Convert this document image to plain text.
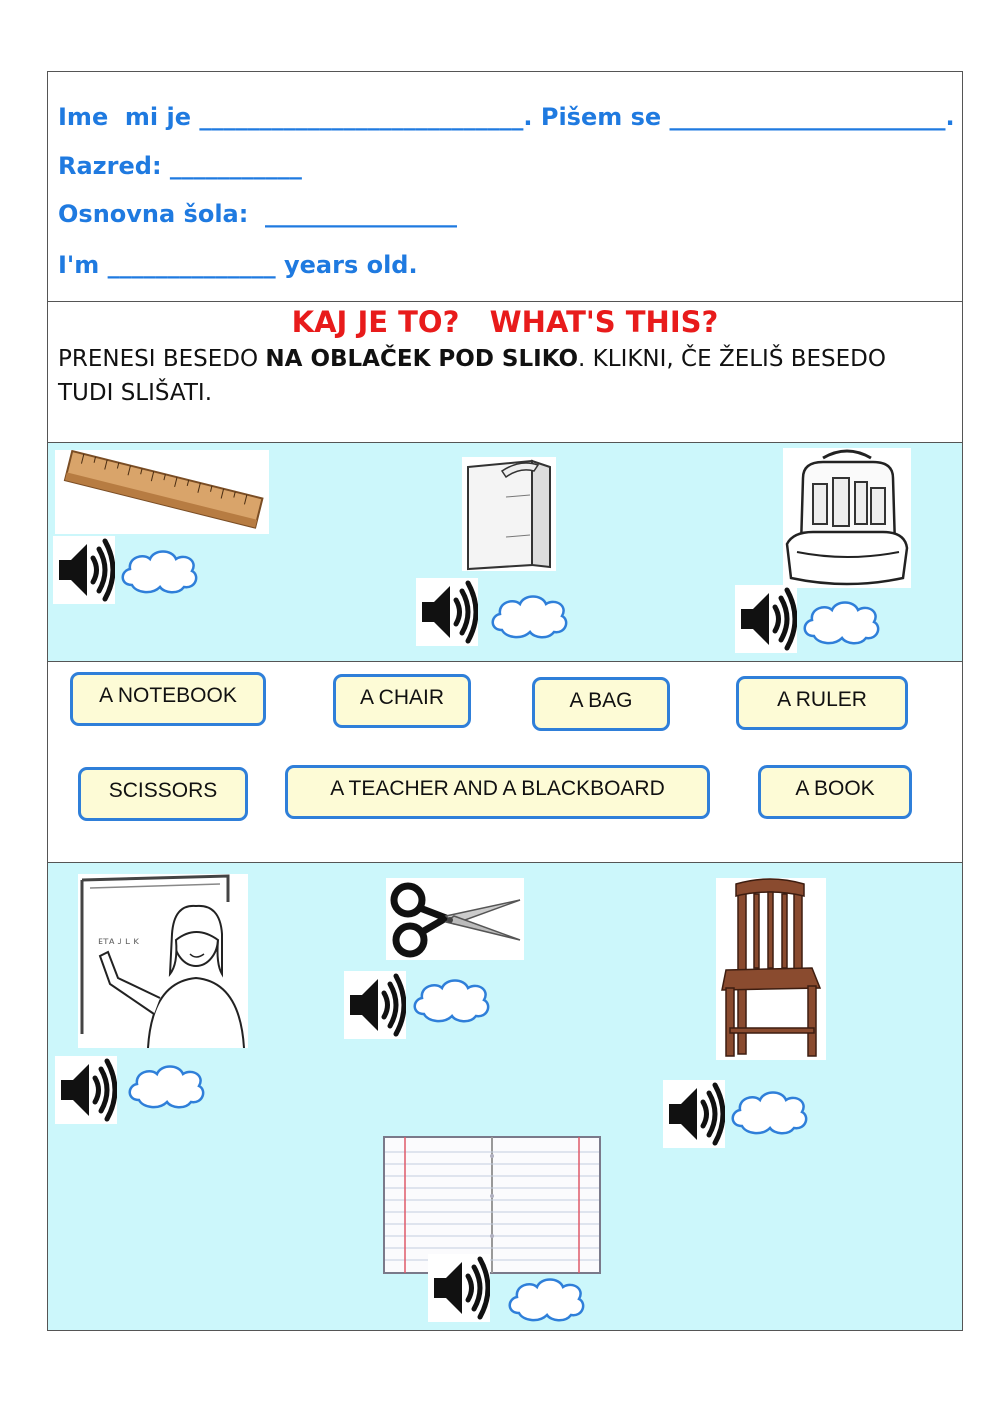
Ime  mi je ___________________________. Pišem se _______________________.
Razred: ___________
Osnovna šola:  ________________
I'm ______________ years old.
KAJ JE TO?   WHAT'S THIS?
PRENESI BESEDO NA OBLAČEK POD SLIKO. KLIKNI, ČE ŽELIŠ BESEDO TUDI SLIŠATI.
A NOTEBOOK	A CHAIR	A BAG	A RULER
SCISSORS	A TEACHER AND A BLACKBOARD	A BOOK
ᴇᴛᴀ ᴊ ʟ ᴋ
